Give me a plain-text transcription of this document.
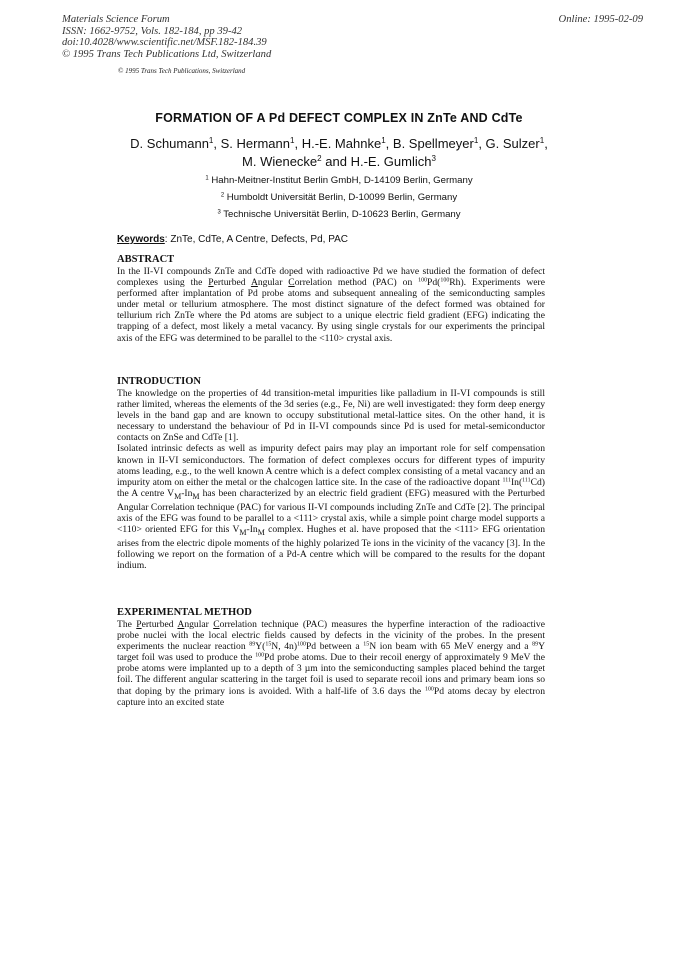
Materials Science Forum
ISSN: 1662-9752, Vols. 182-184, pp 39-42
doi:10.4028/www.scientific.net/MSF.182-184.39
© 1995 Trans Tech Publications Ltd, Switzerland
Online: 1995-02-09
© 1995 Trans Tech Publications, Switzerland
FORMATION OF A Pd DEFECT COMPLEX IN ZnTe AND CdTe
D. Schumann$^1$, S. Hermann$^1$, H.-E. Mahnke$^1$, B. Spellmeyer$^1$, G. Sulzer$^1$,
M. Wienecke$^2$ and H.-E. Gumlich$^3$
$^1$ Hahn-Meitner-Institut Berlin GmbH, D-14109 Berlin, Germany
$^2$ Humboldt Universität Berlin, D-10099 Berlin, Germany
$^3$ Technische Universität Berlin, D-10623 Berlin, Germany
Keywords: ZnTe, CdTe, A Centre, Defects, Pd, PAC
ABSTRACT
In the II-VI compounds ZnTe and CdTe doped with radioactive Pd we have studied the formation of defect complexes using the Perturbed Angular Correlation method (PAC) on $^{100}$Pd($^{100}$Rh). Experiments were performed after implantation of Pd probe atoms and subsequent annealing of the semiconducting samples under metal or tellurium atmosphere. The most distinct signature of the defect formed was obtained for tellurium rich ZnTe where the Pd atoms are subject to a unique electric field gradient (EFG) indicating the trapping of a defect, most likely a metal vacancy. By using single crystals for our experiments the principal axis of the EFG was determined to be parallel to the <110> crystal axis.
INTRODUCTION

The knowledge on the properties of 4d transition-metal impurities like palladium in II-VI compounds is still rather limited, whereas the elements of the 3d series (e.g., Fe, Ni) are well investigated: they form deep energy levels in the band gap and are known to occupy substitutional metal-lattice sites. On the other hand, it is necessary to understand the behaviour of Pd in II-VI compounds since Pd is used for metal-semiconductor contacts on ZnSe and CdTe [1].

Isolated intrinsic defects as well as impurity defect pairs may play an important role for self compensation known in II-VI semiconductors. The formation of defect complexes occurs for different types of impurity atoms leading, e.g., to the well known A centre which is a defect complex consisting of a metal vacancy and an impurity atom on either the metal or the chalcogen lattice site. In the case of the radioactive dopant $^{111}$In($^{111}$Cd) the A centre $V_M-In_M$ has been characterized by an electric field gradient (EFG) measured with the Perturbed Angular Correlation technique (PAC) for various II-VI compounds including ZnTe and CdTe [2]. The principal axis of the EFG was found to be parallel to a <111> crystal axis, while a simple point charge model supports a <110> oriented EFG for this $V_M-In_M$ complex. Hughes et al. have proposed that the <111> EFG orientation arises from the electric dipole moments of the highly polarized Te ions in the vicinity of the vacancy [3]. In the following we report on the formation of a Pd-A centre which will be compared to the results for the dopant indium.

EXPERIMENTAL METHOD
The Perturbed Angular Correlation technique (PAC) measures the hyperfine interaction of the radioactive probe nuclei with the local electric fields caused by defects in the vicinity of the probes. In the present experiments the nuclear reaction $^{89}$Y($^{15}$N, 4n)$^{100}$Pd between a $^{15}$N ion beam with 65 MeV energy and a $^{89}$Y target foil was used to produce the $^{100}$Pd probe atoms. Due to their recoil energy of approximately 9 MeV the probe atoms were implanted up to a depth of 3 µm into the semiconducting samples placed behind the target foil. The different angular scattering in the target foil is used to separate recoil ions and primary beam ions so that doping by the primary ions is avoided. With a half-life of 3.6 days the $^{100}$Pd atoms decay by electron capture into an excited state
